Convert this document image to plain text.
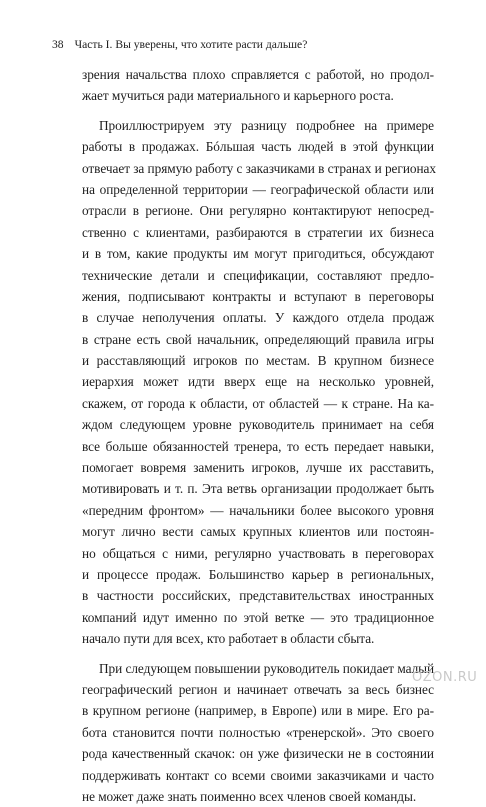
38 Часть I. Вы уверены, что хотите расти дальше?
зрения начальства плохо справляется с работой, но продол-
жает мучиться ради материального и карьерного роста.
Проиллюстрируем эту разницу подробнее на примере
работы в продажах. Бóльшая часть людей в этой функции
отвечает за прямую работу с заказчиками в странах и регионах
на определенной территории — географической области или
отрасли в регионе. Они регулярно контактируют непосред-
ственно с клиентами, разбираются в стратегии их бизнеса
и в том, какие продукты им могут пригодиться, обсуждают
технические детали и спецификации, составляют предло-
жения, подписывают контракты и вступают в переговоры
в случае неполучения оплаты. У каждого отдела продаж
в стране есть свой начальник, определяющий правила игры
и расставляющий игроков по местам. В крупном бизнесе
иерархия может идти вверх еще на несколько уровней,
скажем, от города к области, от областей — к стране. На ка-
ждом следующем уровне руководитель принимает на себя
все больше обязанностей тренера, то есть передает навыки,
помогает вовремя заменить игроков, лучше их расставить,
мотивировать и т. п. Эта ветвь организации продолжает быть
«передним фронтом» — начальники более высокого уровня
могут лично вести самых крупных клиентов или постоян-
но общаться с ними, регулярно участвовать в переговорах
и процессе продаж. Большинство карьер в региональных,
в частности российских, представительствах иностранных
компаний идут именно по этой ветке — это традиционное
начало пути для всех, кто работает в области сбыта.
При следующем повышении руководитель покидает малый
географический регион и начинает отвечать за весь бизнес
в крупном регионе (например, в Европе) или в мире. Его ра-
бота становится почти полностью «тренерской». Это своего
рода качественный скачок: он уже физически не в состоянии
поддерживать контакт со всеми своими заказчиками и часто
не может даже знать поименно всех членов своей команды.
OZON.RU
